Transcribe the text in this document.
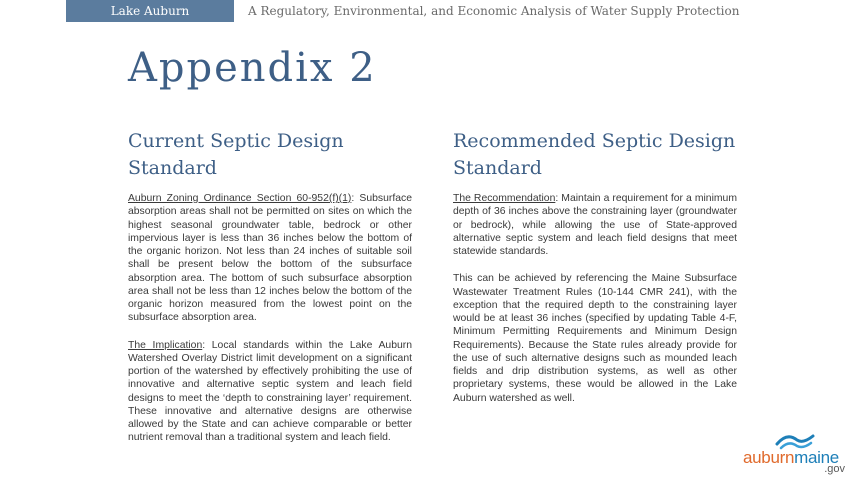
Lake Auburn	A Regulatory, Environmental, and Economic Analysis of Water Supply Protection
Appendix 2
Current Septic Design Standard

Auburn Zoning Ordinance Section 60-952(f)(1): Subsurface absorption areas shall not be permitted on sites on which the highest seasonal groundwater table, bedrock or other impervious layer is less than 36 inches below the bottom of the organic horizon. Not less than 24 inches of suitable soil shall be present below the bottom of the subsurface absorption area. The bottom of such subsurface absorption area shall not be less than 12 inches below the bottom of the organic horizon measured from the lowest point on the subsurface absorption area.

The Implication: Local standards within the Lake Auburn Watershed Overlay District limit development on a significant portion of the watershed by effectively prohibiting the use of innovative and alternative septic system and leach field designs to meet the ‘depth to constraining layer’ requirement. These innovative and alternative designs are otherwise allowed by the State and can achieve comparable or better nutrient removal than a traditional system and leach field.

Recommended Septic Design Standard

The Recommendation: Maintain a requirement for a minimum depth of 36 inches above the constraining layer (groundwater or bedrock), while allowing the use of State-approved alternative septic system and leach field designs that meet statewide standards.

This can be achieved by referencing the Maine Subsurface Wastewater Treatment Rules (10-144 CMR 241), with the exception that the required depth to the constraining layer would be at least 36 inches (specified by updating Table 4-F, Minimum Permitting Requirements and Minimum Design Requirements). Because the State rules already provide for the use of such alternative designs such as mounded leach fields and drip distribution systems, as well as other proprietary systems, these would be allowed in the Lake Auburn watershed as well.

auburnmaine
.gov
